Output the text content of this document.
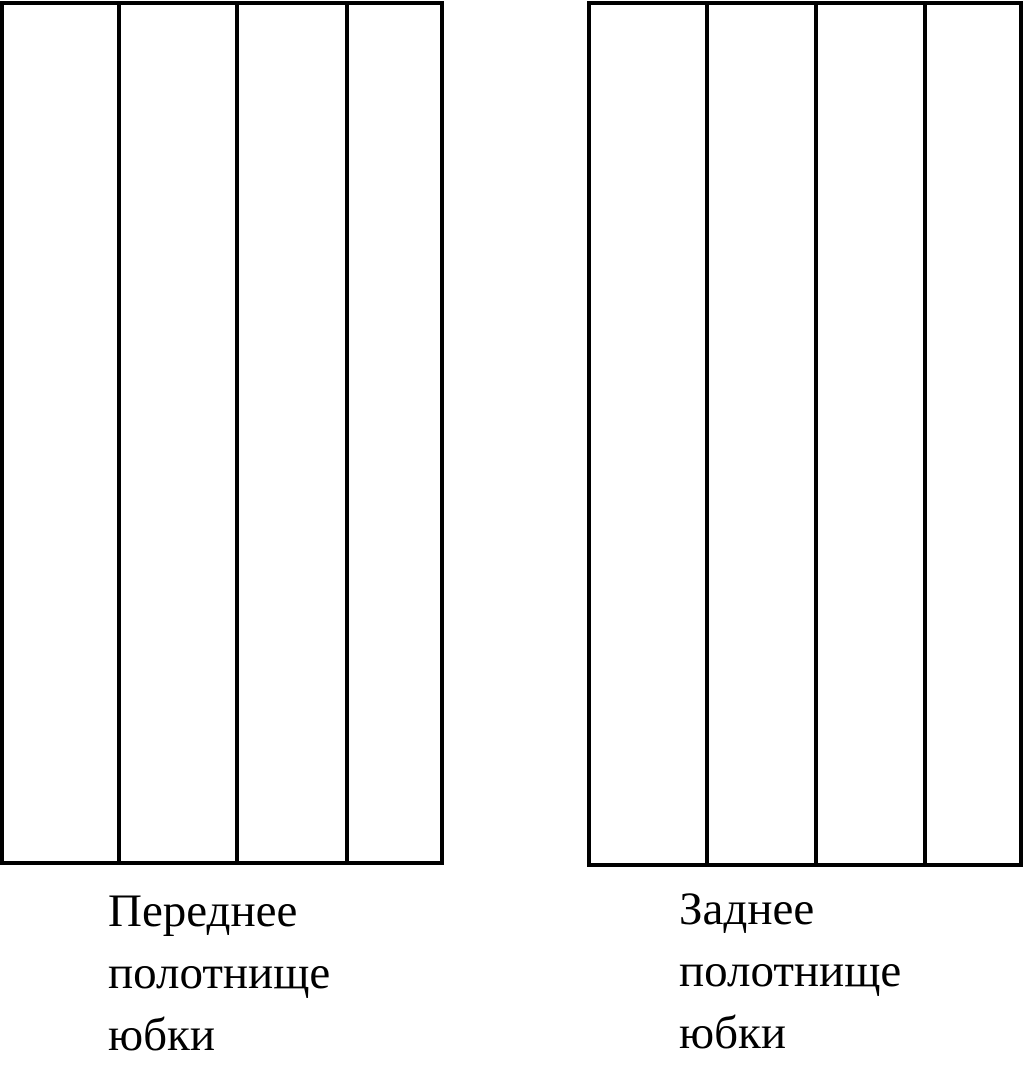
Переднее
полотнище
юбки
Заднее
полотнище
юбки
